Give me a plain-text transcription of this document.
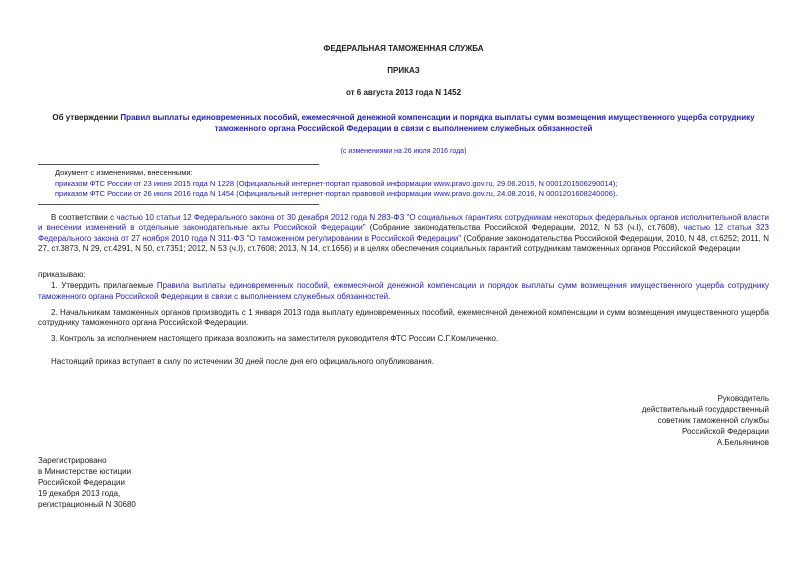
ФЕДЕРАЛЬНАЯ ТАМОЖЕННАЯ СЛУЖБА
ПРИКАЗ
от 6 августа 2013 года N 1452
Об утверждении Правил выплаты единовременных пособий, ежемесячной денежной компенсации и порядка выплаты сумм возмещения имущественного ущерба сотруднику таможенного органа Российской Федерации в связи с выполнением служебных обязанностей
(с изменениями на 26 июля 2016 года)
Документ с изменениями, внесенными:
приказом ФТС России от 23 июня 2015 года N 1228 (Официальный интернет-портал правовой информации www.pravo.gov.ru, 29.06.2015, N 0001201506290014);
приказом ФТС России от 26 июля 2016 года N 1454 (Официальный интернет-портал правовой информации www.pravo.gov.ru, 24.08.2016, N 0001201608240006).

В соответствии с частью 10 статьи 12 Федерального закона от 30 декабря 2012 года N 283-ФЗ "О социальных гарантиях сотрудникам некоторых федеральных органов исполнительной власти и внесении изменений в отдельные законодательные акты Российской Федерации" (Собрание законодательства Российской Федерации, 2012, N 53 (ч.I), ст.7608), частью 12 статьи 323 Федерального закона от 27 ноября 2010 года N 311-ФЗ "О таможенном регулировании в Российской Федерации" (Собрание законодательства Российской Федерации, 2010, N 48, ст.6252; 2011, N 27, ст.3873, N 29, ст.4291, N 50, ст.7351; 2012, N 53 (ч.I), ст.7608; 2013, N 14, ст.1656) и в целях обеспечения социальных гарантий сотрудникам таможенных органов Российской Федерации

приказываю:

1. Утвердить прилагаемые Правила выплаты единовременных пособий, ежемесячной денежной компенсации и порядок выплаты сумм возмещения имущественного ущерба сотруднику таможенного органа Российской Федерации в связи с выполнением служебных обязанностей.

2. Начальникам таможенных органов производить с 1 января 2013 года выплату единовременных пособий, ежемесячной денежной компенсации и сумм возмещения имущественного ущерба сотруднику таможенного органа Российской Федерации.

3. Контроль за исполнением настоящего приказа возложить на заместителя руководителя ФТС России С.Г.Комличенко.

Настоящий приказ вступает в силу по истечении 30 дней после дня его официального опубликования.

Руководитель
действительный государственный
советник таможенной службы
Российской Федерации
А.Бельянинов
Зарегистрировано
в Министерстве юстиции
Российской Федерации
19 декабря 2013 года,
регистрационный N 30680
